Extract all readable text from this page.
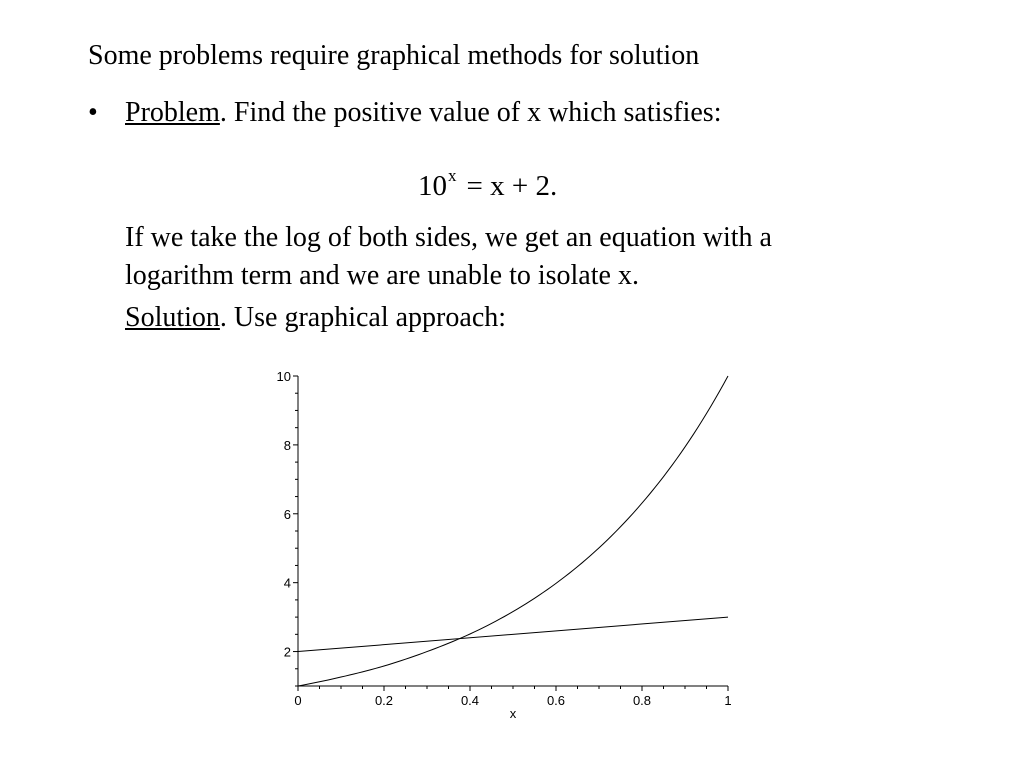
Some problems require graphical methods for solution
• Problem. Find the positive value of x which satisfies:
$10^x = x + 2$.
If we take the log of both sides, we get an equation with a
logarithm term and we are unable to isolate x.
Solution. Use graphical approach:
0	0.2	0.4	0.6	0.8	1
2
4
6
8
10
x
